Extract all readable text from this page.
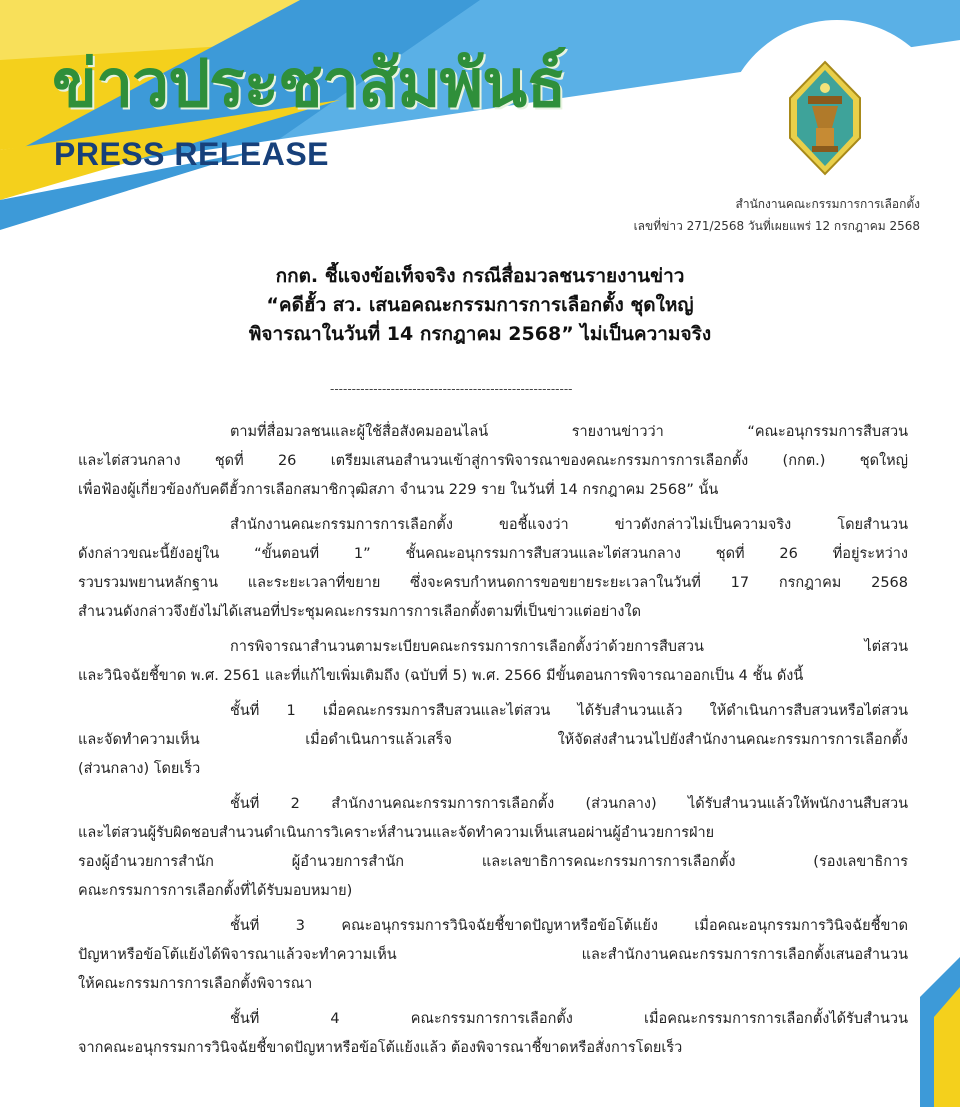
ข่าวประชาสัมพันธ์
PRESS RELEASE
สำนักงานคณะกรรมการการเลือกตั้ง
เลขที่ข่าว 271/2568 วันที่เผยแพร่ 12 กรกฎาคม 2568
กกต. ชี้แจงข้อเท็จจริง กรณีสื่อมวลชนรายงานข่าว
“คดีฮั้ว สว. เสนอคณะกรรมการการเลือกตั้ง ชุดใหญ่
พิจารณาในวันที่ 14 กรกฎาคม 2568” ไม่เป็นความจริง
--------------------------------------------------------
ตามที่สื่อมวลชนและผู้ใช้สื่อสังคมออนไลน์ รายงานข่าวว่า “คณะอนุกรรมการสืบสวน
และไต่สวนกลาง ชุดที่ 26 เตรียมเสนอสำนวนเข้าสู่การพิจารณาของคณะกรรมการการเลือกตั้ง (กกต.) ชุดใหญ่
เพื่อฟ้องผู้เกี่ยวข้องกับคดีฮั้วการเลือกสมาชิกวุฒิสภา จำนวน 229 ราย ในวันที่ 14 กรกฎาคม 2568” นั้น
สำนักงานคณะกรรมการการเลือกตั้ง ขอชี้แจงว่า ข่าวดังกล่าวไม่เป็นความจริง โดยสำนวน
ดังกล่าวขณะนี้ยังอยู่ใน “ขั้นตอนที่ 1” ชั้นคณะอนุกรรมการสืบสวนและไต่สวนกลาง ชุดที่ 26 ที่อยู่ระหว่าง
รวบรวมพยานหลักฐาน และระยะเวลาที่ขยาย ซึ่งจะครบกำหนดการขอขยายระยะเวลาในวันที่ 17 กรกฎาคม 2568
สำนวนดังกล่าวจึงยังไม่ได้เสนอที่ประชุมคณะกรรมการการเลือกตั้งตามที่เป็นข่าวแต่อย่างใด
การพิจารณาสำนวนตามระเบียบคณะกรรมการการเลือกตั้งว่าด้วยการสืบสวน ไต่สวน
และวินิจฉัยชี้ขาด พ.ศ. 2561 และที่แก้ไขเพิ่มเติมถึง (ฉบับที่ 5) พ.ศ. 2566 มีขั้นตอนการพิจารณาออกเป็น 4 ชั้น ดังนี้
ชั้นที่ 1 เมื่อคณะกรรมการสืบสวนและไต่สวน ได้รับสำนวนแล้ว ให้ดำเนินการสืบสวนหรือไต่สวน
และจัดทำความเห็น เมื่อดำเนินการแล้วเสร็จ ให้จัดส่งสำนวนไปยังสำนักงานคณะกรรมการการเลือกตั้ง
(ส่วนกลาง) โดยเร็ว
ชั้นที่ 2 สำนักงานคณะกรรมการการเลือกตั้ง (ส่วนกลาง) ได้รับสำนวนแล้วให้พนักงานสืบสวน
และไต่สวนผู้รับผิดชอบสำนวนดำเนินการวิเคราะห์สำนวนและจัดทำความเห็นเสนอผ่านผู้อำนวยการฝ่าย
รองผู้อำนวยการสำนัก ผู้อำนวยการสำนัก และเลขาธิการคณะกรรมการการเลือกตั้ง (รองเลขาธิการ
คณะกรรมการการเลือกตั้งที่ได้รับมอบหมาย)
ชั้นที่ 3 คณะอนุกรรมการวินิจฉัยชี้ขาดปัญหาหรือข้อโต้แย้ง เมื่อคณะอนุกรรมการวินิจฉัยชี้ขาด
ปัญหาหรือข้อโต้แย้งได้พิจารณาแล้วจะทำความเห็น และสำนักงานคณะกรรมการการเลือกตั้งเสนอสำนวน
ให้คณะกรรมการการเลือกตั้งพิจารณา
ชั้นที่ 4 คณะกรรมการการเลือกตั้ง เมื่อคณะกรรมการการเลือกตั้งได้รับสำนวน
จากคณะอนุกรรมการวินิจฉัยชี้ขาดปัญหาหรือข้อโต้แย้งแล้ว ต้องพิจารณาชี้ขาดหรือสั่งการโดยเร็ว
